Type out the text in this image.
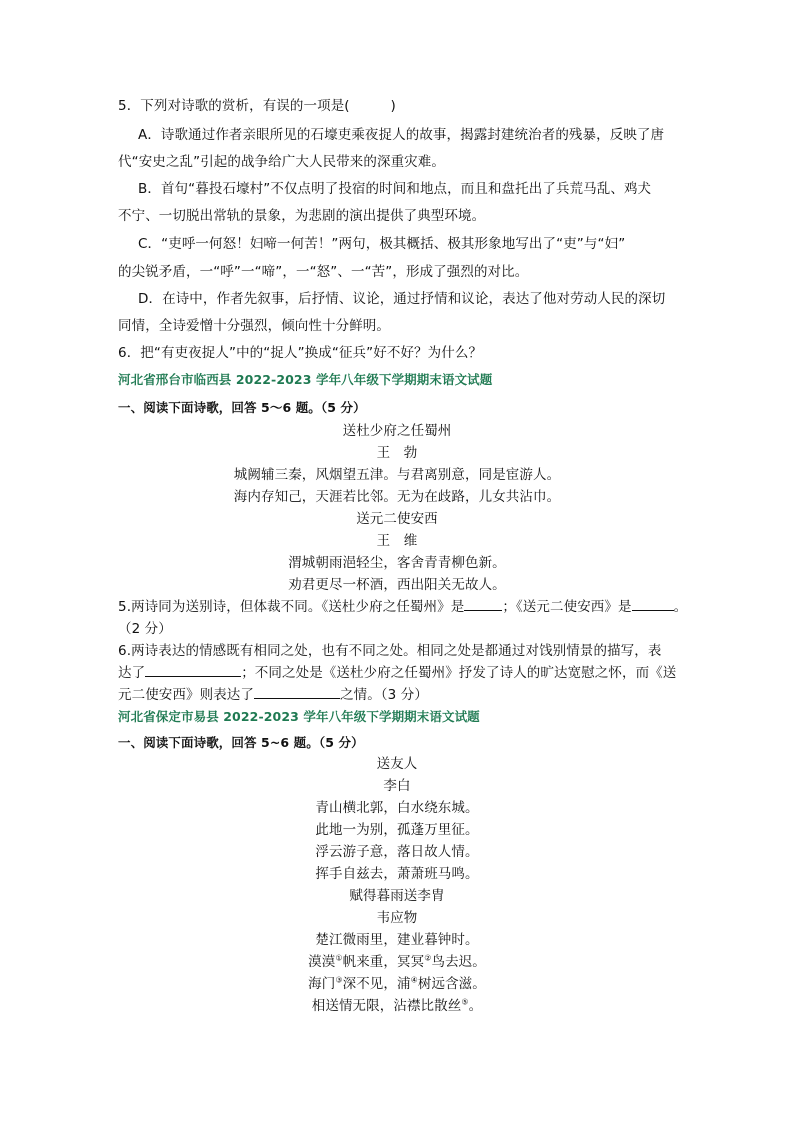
5．下列对诗歌的赏析，有误的一项是(　　　)
A．诗歌通过作者亲眼所见的石壕吏乘夜捉人的故事，揭露封建统治者的残暴，反映了唐
代“安史之乱”引起的战争给广大人民带来的深重灾难。
B．首句“暮投石壕村”不仅点明了投宿的时间和地点，而且和盘托出了兵荒马乱、鸡犬
不宁、一切脱出常轨的景象，为悲剧的演出提供了典型环境。
C．“吏呼一何怒！妇啼一何苦！”两句，极其概括、极其形象地写出了“吏”与“妇”
的尖锐矛盾，一“呼”一“啼”，一“怒”、一“苦”，形成了强烈的对比。
D．在诗中，作者先叙事，后抒情、议论，通过抒情和议论，表达了他对劳动人民的深切
同情，全诗爱憎十分强烈，倾向性十分鲜明。
6．把“有吏夜捉人”中的“捉人”换成“征兵”好不好？为什么？
河北省邢台市临西县 2022-2023 学年八年级下学期期末语文试题
一、阅读下面诗歌，回答 5～6 题。（5 分）
送杜少府之任蜀州
王　勃
城阙辅三秦，风烟望五津。与君离别意，同是宦游人。
海内存知己，天涯若比邻。无为在歧路，儿女共沾巾。
送元二使安西
王　维
渭城朝雨浥轻尘，客舍青青柳色新。
劝君更尽一杯酒，西出阳关无故人。
5.两诗同为送别诗，但体裁不同。《送杜少府之任蜀州》是	；《送元二使安西》是	。
（2 分）
6.两诗表达的情感既有相同之处，也有不同之处。相同之处是都通过对饯别情景的描写，表
达了	；不同之处是《送杜少府之任蜀州》抒发了诗人的旷达宽慰之怀，而《送
元二使安西》则表达了	之情。（3 分）
河北省保定市易县 2022-2023 学年八年级下学期期末语文试题
一、阅读下面诗歌，回答 5~6 题。（5 分）
送友人
李白
青山横北郭，白水绕东城。
此地一为别，孤蓬万里征。
浮云游子意，落日故人情。
挥手自兹去，萧萧班马鸣。
赋得暮雨送李胄
韦应物
楚江微雨里，建业暮钟时。
漠漠①帆来重，冥冥②鸟去迟。
海门③深不见，浦④树远含滋。
相送情无限，沾襟比散丝⑤。
